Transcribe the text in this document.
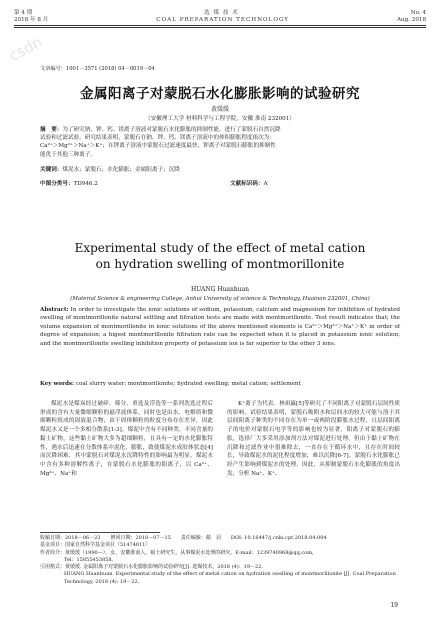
csdn
第 4 期	选 煤 技 术	No. 4
2018 年 8 月	COAL PREPARATION TECHNOLOGY	Aug. 2018
文章编号：1001－3571 (2018) 04－0019－04
金属阳离子对蒙脱石水化膨胀影响的试验研究
黄缓缓
（安徽理工大学 材料科学与工程学院，安徽 淮南 232001）
摘　要：为了研究钠、钾、钙、镁离子溶液对蒙脱石水化膨胀的抑制性能，进行了蒙脱石自然沉降
试验和过滤试验。研究结果表明，蒙脱石在钠、钾、钙、镁离子溶液中的体积膨胀程度依次为：
Ca²⁺＞Mg²⁺＞Na⁺＞K⁺；在钾离子溶液中蒙脱石过滤速度最快，钾离子对蒙脱石膨胀的抑制性
能优于其他三种离子。
关键词：煤泥水；蒙脱石；水化膨胀；金属阳离子；沉降
中图分类号：TD946.2	文献标识码：A
Experimental study of the effect of metal cation
on hydration swelling of montmorillonite
HUANG Huanhuan
(Material Science & engineering College, Anhui University of science & Technology, Huainan 232001, China)
Abstract: In order to investigate the ionic solutions of sodium, potassium, calcium and magnesium for inhibition of hydrated swelling of montmorillonite natural settling and filtration tests are made with montmorillonite. Test result indicates that; the volume expansion of montmorillonite in ionic solutions of the above mentioned elements is Ca²⁺＞Mg²⁺＞Na⁺＞K⁺ in order of degree of expansion; a higest montmorillonite filtration rate can be expected when it is placed in potassium ionic solution; and the montmorillonite swelling inhibition property of potassium ion is far superior to the other 3 ions.
Key words: coal slurry water; montmorillonite; hydrated swelling; metal cation; settlement

煤泥水是煤炭经过破碎、筛分、重选及浮选等一系列洗选过程后形成的含有大量微细颗粒的悬浮液体系，同时也是由水、电解质和微细颗粒组成的固液混合物，由于固体颗粒的粒度分布存在差异，因此煤泥水又是一个多相分散系[1-3]。煤泥中含有不同种类、不同含量的黏土矿物，这些黏土矿物大多为超细颗粒，且具有一定的水化膨胀特性，遇水后迅速在分散体系中泥化、膨胀，致使煤泥水成胶体状态[4]而沉降困难，其中蒙脱石对煤泥水沉降特性的影响最为明显，煤泥水中含有多种溶解性离子，在蒙脱石水化膨胀的阳离子，以 Ca²⁺、Mg²⁺、Na⁺和

K⁺离子为代表。林祖赢[5]等研究了不同阳离子对蒙脱石层间性质的影响，试验结果表明，蒙脱石吸附水和层间水的较大可能与溶于其层间阳离子种类的不同存在为单一或两阶段膨胀水过程，且层间阳离子的电价对蒙脱石电学等的影响也较为显著，阳离子对蒙脱石的膨胀，选择厂大多采用添加剂方法对煤泥进行处理。但由于黏土矿物在沉降和过滤作业中很难除去，一直存在于循环水中，且存在时间较长，导致煤泥水的泥化程度增加，难以沉降[6-7]。蒙脱石水化膨胀已经产生影响到煤泥水的处理。因此，从抑制蒙脱石水化膨胀的角度出发，分析 Na⁺、K⁺、

收稿日期：2018－06－23　　修回日期：2018－07－15　　责任编辑：蔺　羽　　DOI: 10.16447/j.cnki.cpt.2018.04.004
基金项目：国家自然科学基金项目（51474011）
作者简介：黄缓缓（1990—），女，安徽淮南人，硕士研究生，从事煤泥水处理的研究。E-mail：1239740968@qq.com，
Tel：15855453858。
引用格式：黄缓缓. 金属阳离子对蒙脱石水化膨胀影响的试验研究[J]. 选煤技术，2018 (4)：19－22.
HUANG Huanhuan. Experimental study of the effect of metal cation on hydration swelling of montmorillonite [J]. Coal Preparation Technology, 2018 (4): 19－22.
19
